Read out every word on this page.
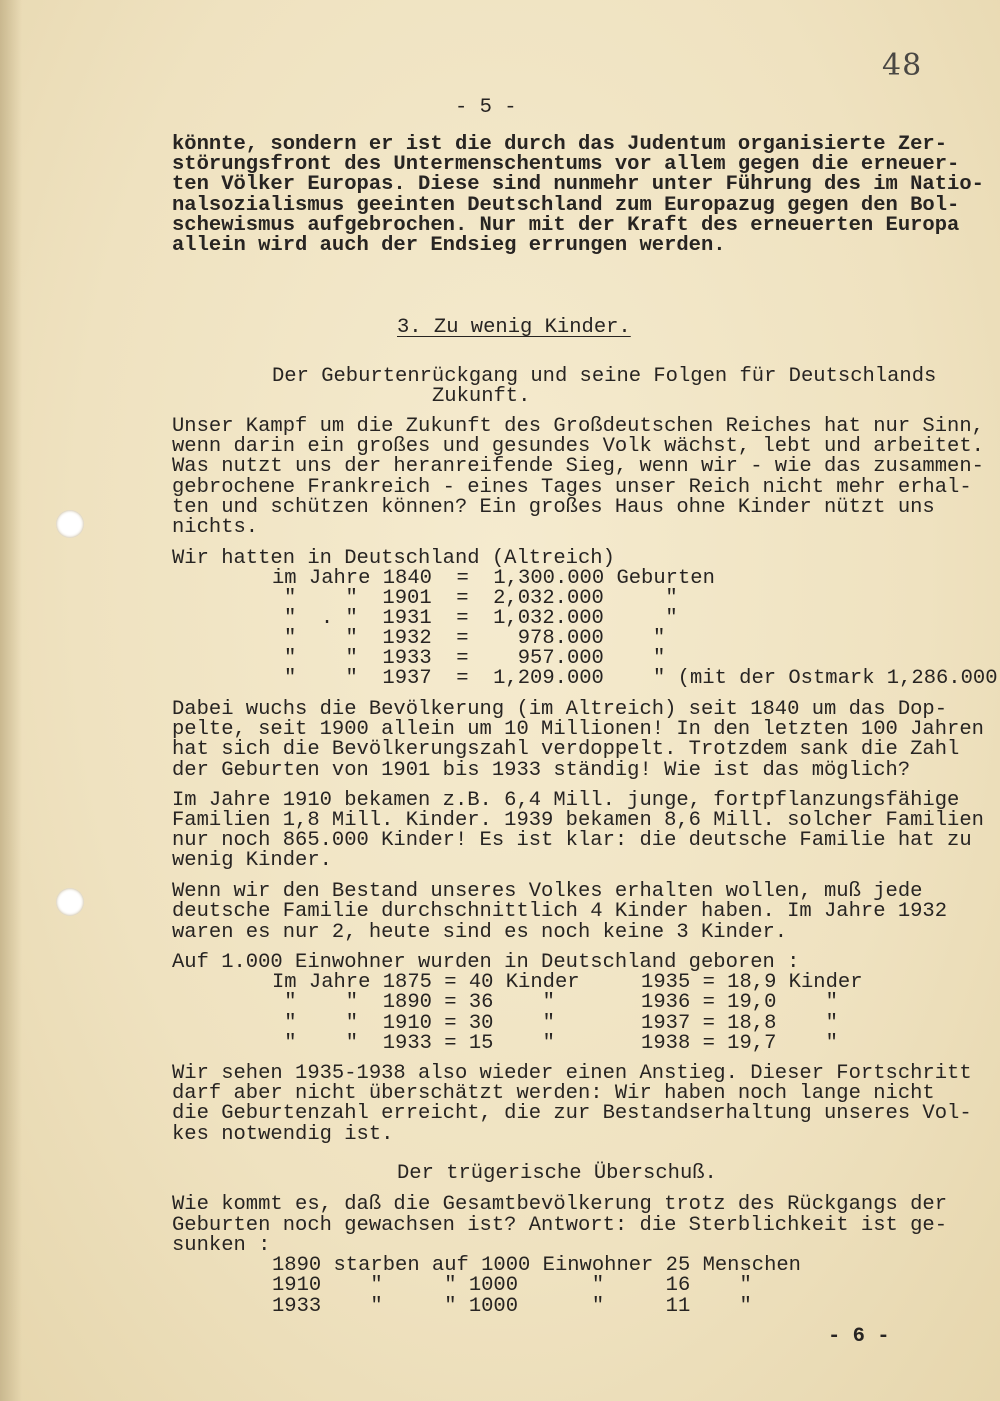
48
- 5 -
könnte, sondern er ist die durch das Judentum organisierte Zer-
störungsfront des Untermenschentums vor allem gegen die erneuer-
ten Völker Europas. Diese sind nunmehr unter Führung des im Natio-
nalsozialismus geeinten Deutschland zum Europazug gegen den Bol-
schewismus aufgebrochen. Nur mit der Kraft des erneuerten Europa
allein wird auch der Endsieg errungen werden.
3. Zu wenig Kinder.
Der Geburtenrückgang und seine Folgen für Deutschlands
Zukunft.
Unser Kampf um die Zukunft des Großdeutschen Reiches hat nur Sinn,
wenn darin ein großes und gesundes Volk wächst, lebt und arbeitet.
Was nutzt uns der heranreifende Sieg, wenn wir - wie das zusammen-
gebrochene Frankreich - eines Tages unser Reich nicht mehr erhal-
ten und schützen können? Ein großes Haus ohne Kinder nützt uns
nichts.
Wir hatten in Deutschland (Altreich)
im Jahre 1840  =  1,300.000 Geburten
"    "  1901  =  2,032.000     "
"  . "  1931  =  1,032.000     "
"    "  1932  =    978.000    "
"    "  1933  =    957.000    "
"    "  1937  =  1,209.000    " (mit der Ostmark 1,286.000
Dabei wuchs die Bevölkerung (im Altreich) seit 1840 um das Dop-
pelte, seit 1900 allein um 10 Millionen! In den letzten 100 Jahren
hat sich die Bevölkerungszahl verdoppelt. Trotzdem sank die Zahl
der Geburten von 1901 bis 1933 ständig! Wie ist das möglich?
Im Jahre 1910 bekamen z.B. 6,4 Mill. junge, fortpflanzungsfähige
Familien 1,8 Mill. Kinder. 1939 bekamen 8,6 Mill. solcher Familien
nur noch 865.000 Kinder! Es ist klar: die deutsche Familie hat zu
wenig Kinder.
Wenn wir den Bestand unseres Volkes erhalten wollen, muß jede
deutsche Familie durchschnittlich 4 Kinder haben. Im Jahre 1932
waren es nur 2, heute sind es noch keine 3 Kinder.
Auf 1.000 Einwohner wurden in Deutschland geboren :
Im Jahre 1875 = 40 Kinder     1935 = 18,9 Kinder
"    "  1890 = 36    "       1936 = 19,0    "
"    "  1910 = 30    "       1937 = 18,8    "
"    "  1933 = 15    "       1938 = 19,7    "
Wir sehen 1935-1938 also wieder einen Anstieg. Dieser Fortschritt
darf aber nicht überschätzt werden: Wir haben noch lange nicht
die Geburtenzahl erreicht, die zur Bestandserhaltung unseres Vol-
kes notwendig ist.
Der trügerische Überschuß.
Wie kommt es, daß die Gesamtbevölkerung trotz des Rückgangs der
Geburten noch gewachsen ist? Antwort: die Sterblichkeit ist ge-
sunken :
1890 starben auf 1000 Einwohner 25 Menschen
1910    "     " 1000      "     16    "
1933    "     " 1000      "     11    "
- 6 -
